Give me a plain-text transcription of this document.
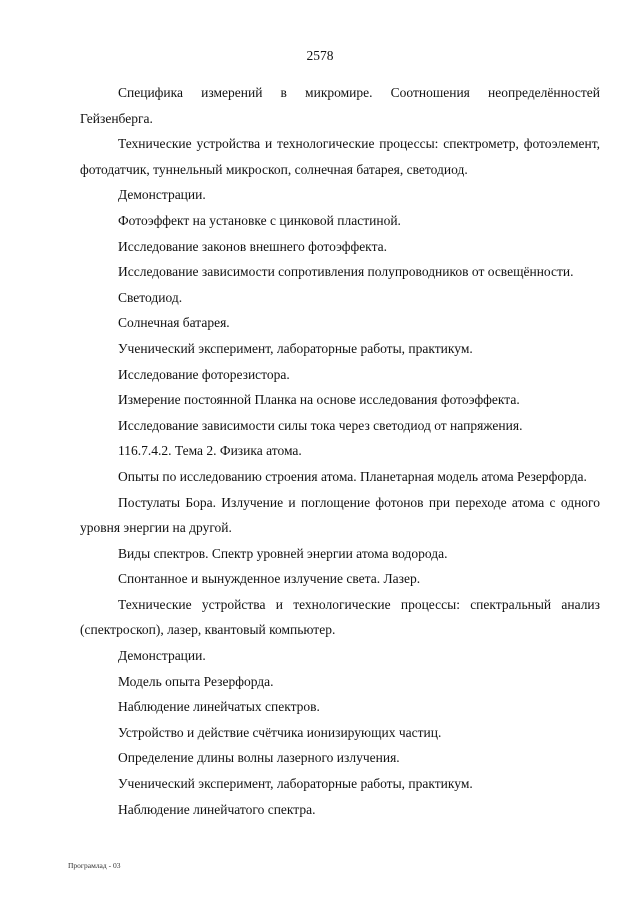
2578

Специфика измерений в микромире. Соотношения неопределённостей Гейзенберга.

Технические устройства и технологические процессы: спектрометр, фотоэлемент, фотодатчик, туннельный микроскоп, солнечная батарея, светодиод.

Демонстрации.

Фотоэффект на установке с цинковой пластиной.

Исследование законов внешнего фотоэффекта.

Исследование зависимости сопротивления полупроводников от освещённости.

Светодиод.

Солнечная батарея.

Ученический эксперимент, лабораторные работы, практикум.

Исследование фоторезистора.

Измерение постоянной Планка на основе исследования фотоэффекта.

Исследование зависимости силы тока через светодиод от напряжения.

116.7.4.2. Тема 2. Физика атома.

Опыты по исследованию строения атома. Планетарная модель атома Резерфорда.

Постулаты Бора. Излучение и поглощение фотонов при переходе атома с одного уровня энергии на другой.

Виды спектров. Спектр уровней энергии атома водорода.

Спонтанное и вынужденное излучение света. Лазер.

Технические устройства и технологические процессы: спектральный анализ (спектроскоп), лазер, квантовый компьютер.

Демонстрации.

Модель опыта Резерфорда.

Наблюдение линейчатых спектров.

Устройство и действие счётчика ионизирующих частиц.

Определение длины волны лазерного излучения.

Ученический эксперимент, лабораторные работы, практикум.

Наблюдение линейчатого спектра.

Програмлад - 03
